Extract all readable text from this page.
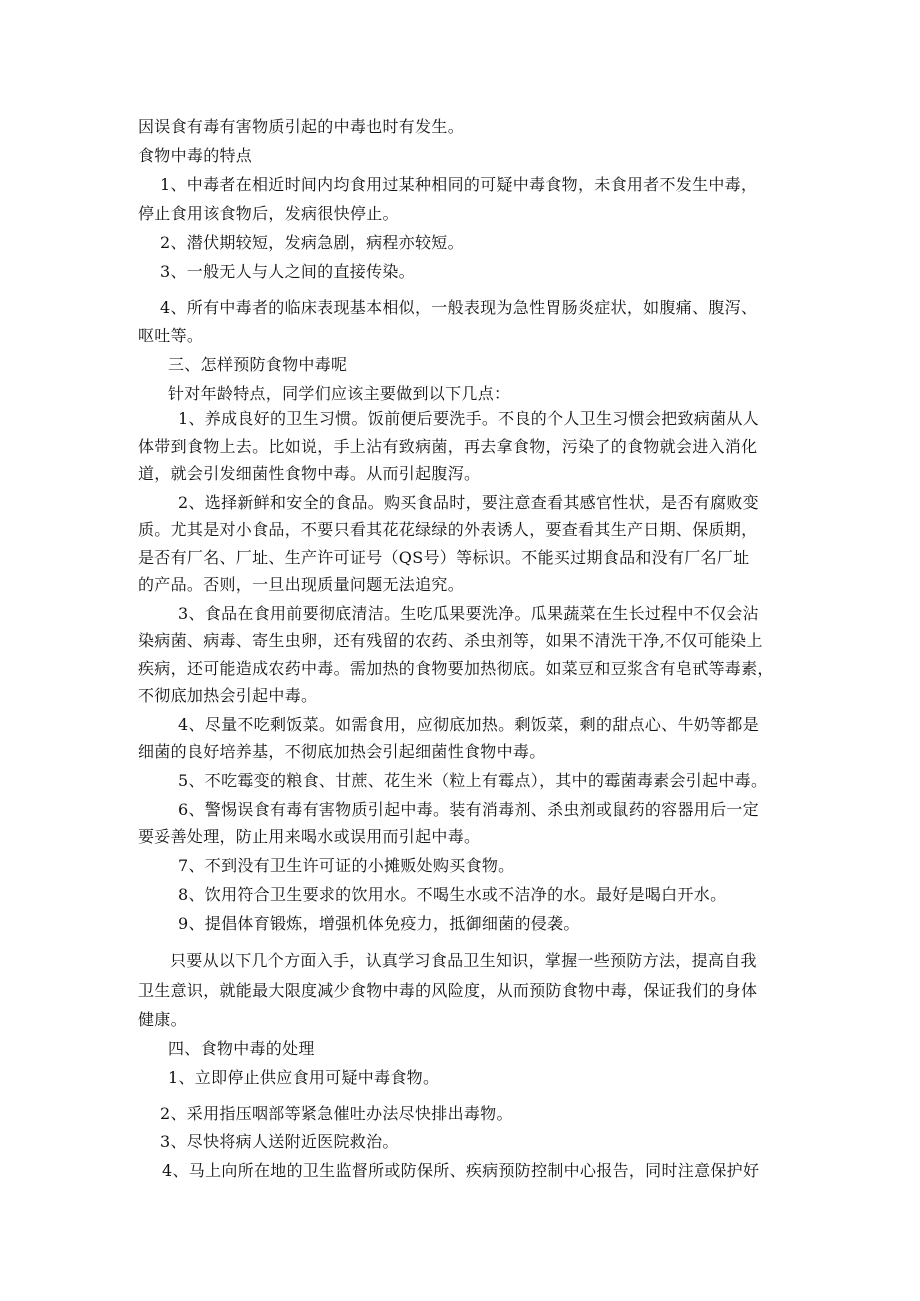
因误食有毒有害物质引起的中毒也时有发生。
食物中毒的特点
1、中毒者在相近时间内均食用过某种相同的可疑中毒食物，未食用者不发生中毒，
停止食用该食物后，发病很快停止。
2、潜伏期较短，发病急剧，病程亦较短。
3、一般无人与人之间的直接传染。
4、所有中毒者的临床表现基本相似，一般表现为急性胃肠炎症状，如腹痛、腹泻、
呕吐等。
三、怎样预防食物中毒呢
针对年龄特点，同学们应该主要做到以下几点：
1、养成良好的卫生习惯。饭前便后要洗手。不良的个人卫生习惯会把致病菌从人
体带到食物上去。比如说，手上沾有致病菌，再去拿食物，污染了的食物就会进入消化
道，就会引发细菌性食物中毒。从而引起腹泻。
2、选择新鲜和安全的食品。购买食品时，要注意查看其感官性状，是否有腐败变
质。尤其是对小食品，不要只看其花花绿绿的外表诱人，要查看其生产日期、保质期，
是否有厂名、厂址、生产许可证号（QS号）等标识。不能买过期食品和没有厂名厂址
的产品。否则，一旦出现质量问题无法追究。
3、食品在食用前要彻底清洁。生吃瓜果要洗净。瓜果蔬菜在生长过程中不仅会沾
染病菌、病毒、寄生虫卵，还有残留的农药、杀虫剂等，如果不清洗干净,不仅可能染上
疾病，还可能造成农药中毒。需加热的食物要加热彻底。如菜豆和豆浆含有皂甙等毒素，
不彻底加热会引起中毒。
4、尽量不吃剩饭菜。如需食用，应彻底加热。剩饭菜，剩的甜点心、牛奶等都是
细菌的良好培养基，不彻底加热会引起细菌性食物中毒。
5、不吃霉变的粮食、甘蔗、花生米（粒上有霉点），其中的霉菌毒素会引起中毒。
6、警惕误食有毒有害物质引起中毒。装有消毒剂、杀虫剂或鼠药的容器用后一定
要妥善处理，防止用来喝水或误用而引起中毒。
7、不到没有卫生许可证的小摊贩处购买食物。
8、饮用符合卫生要求的饮用水。不喝生水或不洁净的水。最好是喝白开水。
9、提倡体育锻炼，增强机体免疫力，抵御细菌的侵袭。
只要从以下几个方面入手，认真学习食品卫生知识，掌握一些预防方法，提高自我
卫生意识，就能最大限度减少食物中毒的风险度，从而预防食物中毒，保证我们的身体
健康。
四、食物中毒的处理
1、立即停止供应食用可疑中毒食物。
2、采用指压咽部等紧急催吐办法尽快排出毒物。
3、尽快将病人送附近医院救治。
4、马上向所在地的卫生监督所或防保所、疾病预防控制中心报告，同时注意保护好
